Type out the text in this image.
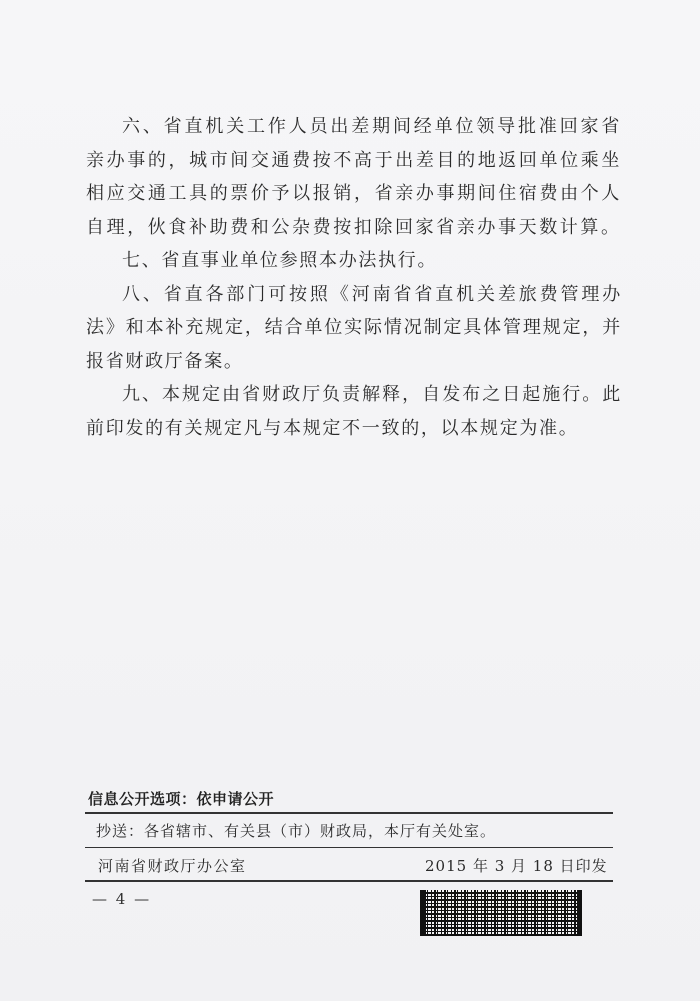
六、省直机关工作人员出差期间经单位领导批准回家省亲办事的，城市间交通费按不高于出差目的地返回单位乘坐相应交通工具的票价予以报销，省亲办事期间住宿费由个人自理，伙食补助费和公杂费按扣除回家省亲办事天数计算。

七、省直事业单位参照本办法执行。

八、省直各部门可按照《河南省省直机关差旅费管理办法》和本补充规定，结合单位实际情况制定具体管理规定，并报省财政厅备案。

九、本规定由省财政厅负责解释，自发布之日起施行。此前印发的有关规定凡与本规定不一致的，以本规定为准。

信息公开选项：依申请公开
抄送：各省辖市、有关县（市）财政局，本厅有关处室。
河南省财政厅办公室	2015 年 3 月 18 日印发
— 4 —
